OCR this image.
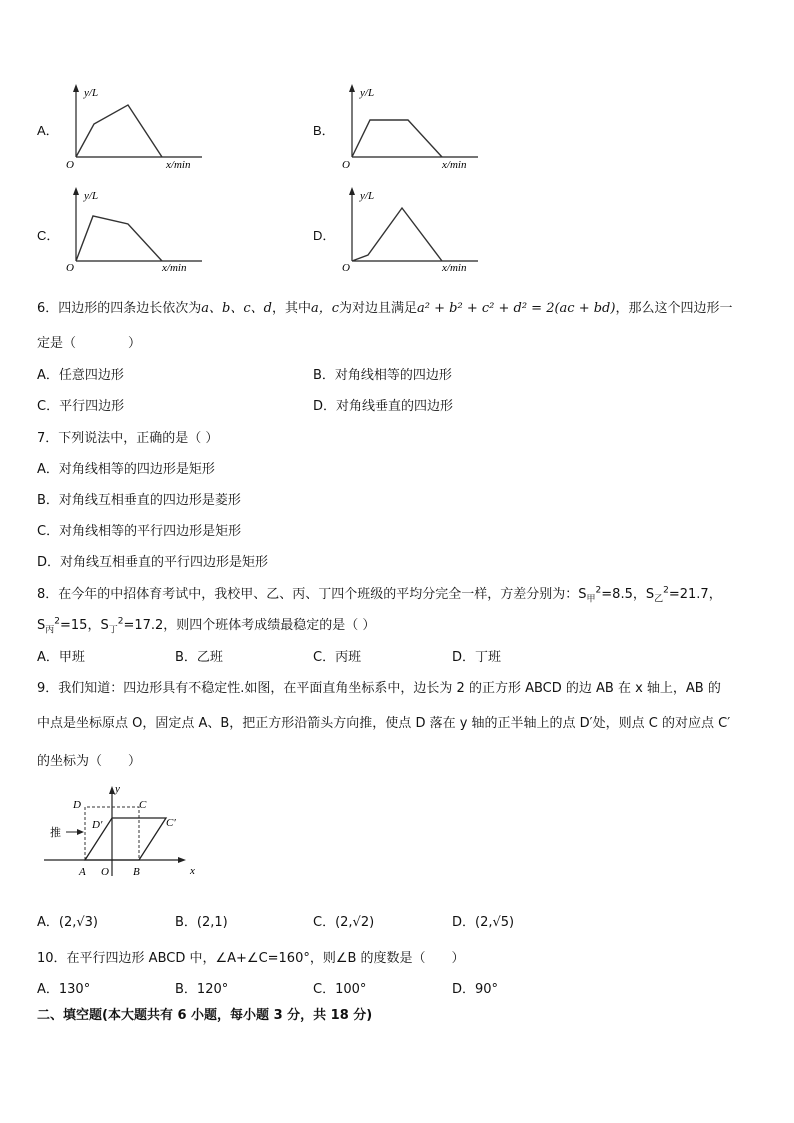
A．
y/L
O	x/min
B．
y/L
O	x/min
C．
y/L
O	x/min
D．
y/L
O	x/min
6．四边形的四条边长依次为a、b、c、d，其中a，c为对边且满足a² + b² + c² + d² = 2(ac + bd)，那么这个四边形一
定是（　　　　）
A．任意四边形	B．对角线相等的四边形
C．平行四边形	D．对角线垂直的四边形
7．下列说法中，正确的是（ ）
A．对角线相等的四边形是矩形
B．对角线互相垂直的四边形是菱形
C．对角线相等的平行四边形是矩形
D．对角线互相垂直的平行四边形是矩形
8．在今年的中招体育考试中，我校甲、乙、丙、丁四个班级的平均分完全一样，方差分别为：$S_甲^2=8.5$，$S_乙^2=21.7$，
$S_丙^2=15$，$S_丁^2=17.2$，则四个班体考成绩最稳定的是（ ）
A．甲班	B．乙班	C．丙班	D．丁班
9．我们知道：四边形具有不稳定性.如图，在平面直角坐标系中，边长为 2 的正方形 ABCD 的边 AB 在 x 轴上，AB 的
中点是坐标原点 O，固定点 A、B，把正方形沿箭头方向推，使点 D 落在 y 轴的正半轴上的点 D′处，则点 C 的对应点 C′
的坐标为（　　）
y
x
D	C
D′	C′
推
A O B
A．(2,√3)	B．(2,1)	C．(2,√2)	D．(2,√5)
10．在平行四边形 ABCD 中，∠A+∠C=160°，则∠B 的度数是（　　）
A．130°	B．120°	C．100°	D．90°
二、填空题(本大题共有 6 小题，每小题 3 分，共 18 分)
